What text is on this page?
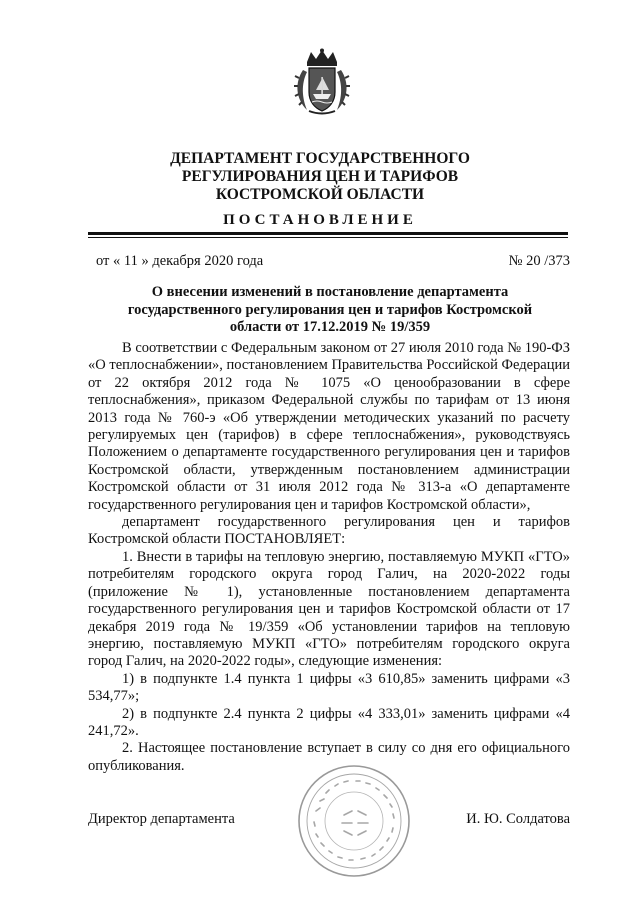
ДЕПАРТАМЕНТ ГОСУДАРСТВЕННОГО
РЕГУЛИРОВАНИЯ ЦЕН И ТАРИФОВ
КОСТРОМСКОЙ ОБЛАСТИ
ПОСТАНОВЛЕНИЕ
от « 11 » декабря 2020 года	№ 20 /373
О внесении изменений в постановление департамента
государственного регулирования цен и тарифов Костромской
области от 17.12.2019 № 19/359

В соответствии с Федеральным законом от 27 июля 2010 года № 190-ФЗ «О теплоснабжении», постановлением Правительства Российской Федерации от 22 октября 2012 года № 1075 «О ценообразовании в сфере теплоснабжения», приказом Федеральной службы по тарифам от 13 июня 2013 года № 760-э «Об утверждении методических указаний по расчету регулируемых цен (тарифов) в сфере теплоснабжения», руководствуясь Положением о департаменте государственного регулирования цен и тарифов Костромской области, утвержденным постановлением администрации Костромской области от 31 июля 2012 года № 313-а «О департаменте государственного регулирования цен и тарифов Костромской области»,

департамент государственного регулирования цен и тарифов Костромской области ПОСТАНОВЛЯЕТ:

1. Внести в тарифы на тепловую энергию, поставляемую МУКП «ГТО» потребителям городского округа город Галич, на 2020-2022 годы (приложение № 1), установленные постановлением департамента государственного регулирования цен и тарифов Костромской области от 17 декабря 2019 года № 19/359 «Об установлении тарифов на тепловую энергию, поставляемую МУКП «ГТО» потребителям городского округа город Галич, на 2020-2022 годы», следующие изменения:

1) в подпункте 1.4 пункта 1 цифры «3 610,85» заменить цифрами «3 534,77»;

2) в подпункте 2.4 пункта 2 цифры «4 333,01» заменить цифрами «4 241,72».

2. Настоящее постановление вступает в силу со дня его официального опубликования.

Директор департамента	И. Ю. Солдатова
